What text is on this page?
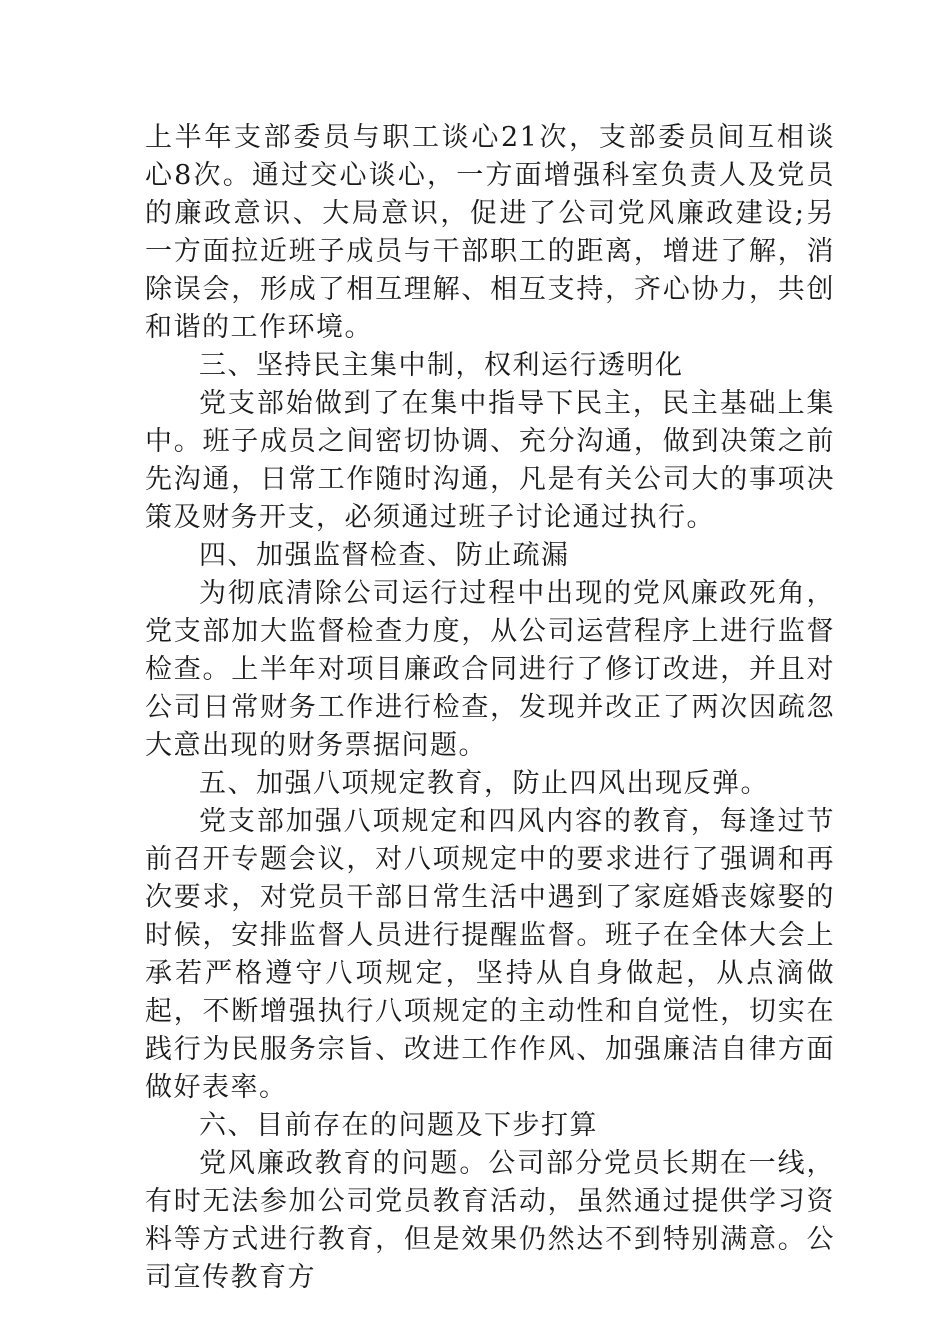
上半年支部委员与职工谈心21次，支部委员间互相谈心8次。通过交心谈心，一方面增强科室负责人及党员的廉政意识、大局意识，促进了公司党风廉政建设;另一方面拉近班子成员与干部职工的距离，增进了解，消除误会，形成了相互理解、相互支持，齐心协力，共创和谐的工作环境。

三、坚持民主集中制，权利运行透明化

党支部始做到了在集中指导下民主，民主基础上集中。班子成员之间密切协调、充分沟通，做到决策之前先沟通，日常工作随时沟通，凡是有关公司大的事项决策及财务开支，必须通过班子讨论通过执行。

四、加强监督检查、防止疏漏

为彻底清除公司运行过程中出现的党风廉政死角，党支部加大监督检查力度，从公司运营程序上进行监督检查。上半年对项目廉政合同进行了修订改进，并且对公司日常财务工作进行检查，发现并改正了两次因疏忽大意出现的财务票据问题。

五、加强八项规定教育，防止四风出现反弹。

党支部加强八项规定和四风内容的教育，每逢过节前召开专题会议，对八项规定中的要求进行了强调和再次要求，对党员干部日常生活中遇到了家庭婚丧嫁娶的时候，安排监督人员进行提醒监督。班子在全体大会上承若严格遵守八项规定，坚持从自身做起，从点滴做起，不断增强执行八项规定的主动性和自觉性，切实在践行为民服务宗旨、改进工作作风、加强廉洁自律方面做好表率。

六、目前存在的问题及下步打算

党风廉政教育的问题。公司部分党员长期在一线，有时无法参加公司党员教育活动，虽然通过提供学习资料等方式进行教育，但是效果仍然达不到特别满意。公司宣传教育方
